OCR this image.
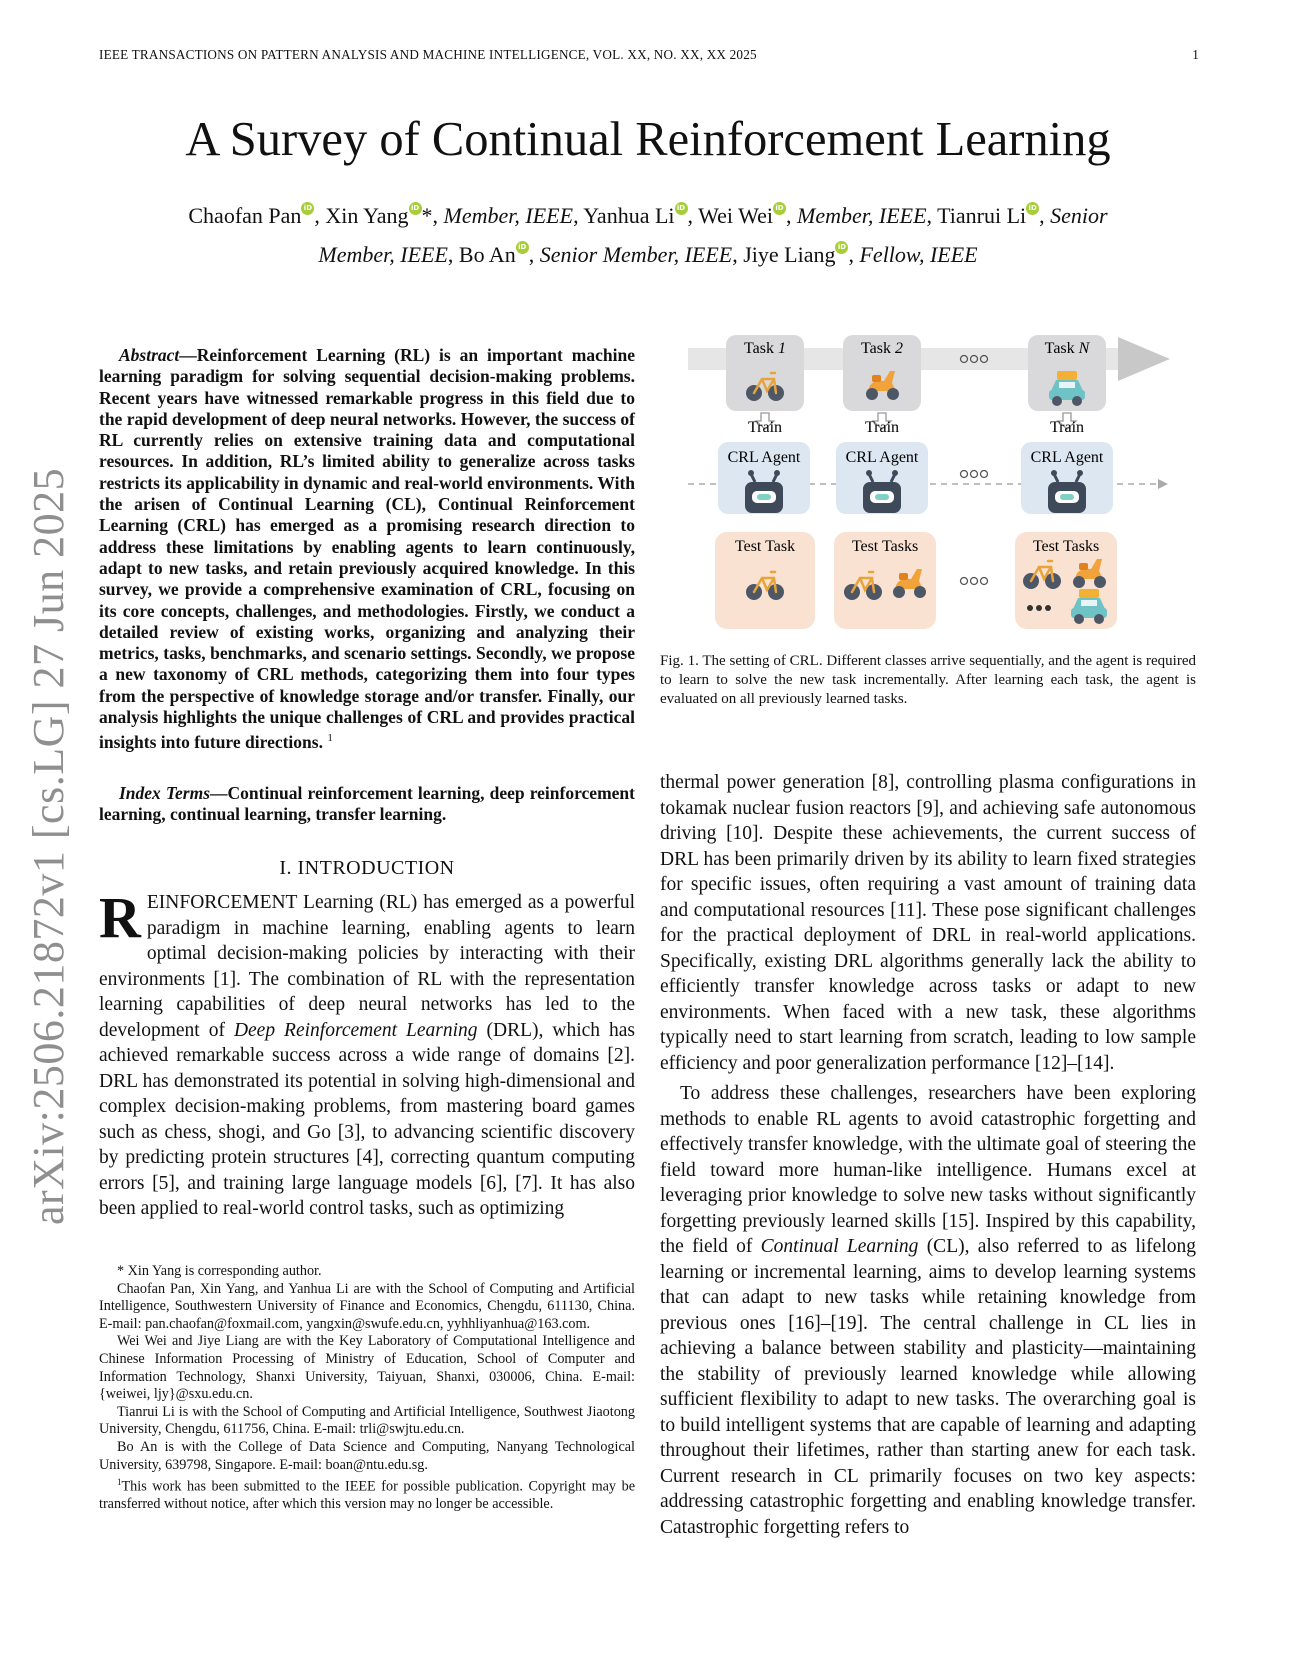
IEEE TRANSACTIONS ON PATTERN ANALYSIS AND MACHINE INTELLIGENCE, VOL. XX, NO. XX, XX 2025	1
A Survey of Continual Reinforcement Learning
Chaofan Pan iD , Xin Yang iD *, Member, IEEE, Yanhua Li iD , Wei Wei iD , Member, IEEE, Tianrui Li iD , Senior
Member, IEEE, Bo An iD , Senior Member, IEEE, Jiye Liang iD , Fellow, IEEE
arXiv:2506.21872v1 [cs.LG] 27 Jun 2025
Abstract—Reinforcement Learning (RL) is an important machine learning paradigm for solving sequential decision-making problems. Recent years have witnessed remarkable progress in this field due to the rapid development of deep neural networks. However, the success of RL currently relies on extensive training data and computational resources. In addition, RL’s limited ability to generalize across tasks restricts its applicability in dynamic and real-world environments. With the arisen of Continual Learning (CL), Continual Reinforcement Learning (CRL) has emerged as a promising research direction to address these limitations by enabling agents to learn continuously, adapt to new tasks, and retain previously acquired knowledge. In this survey, we provide a comprehensive examination of CRL, focusing on its core concepts, challenges, and methodologies. Firstly, we conduct a detailed review of existing works, organizing and analyzing their metrics, tasks, benchmarks, and scenario settings. Secondly, we propose a new taxonomy of CRL methods, categorizing them into four types from the perspective of knowledge storage and/or transfer. Finally, our analysis highlights the unique challenges of CRL and provides practical insights into future directions. $^1$
Index Terms—Continual reinforcement learning, deep reinforcement learning, continual learning, transfer learning.
I. INTRODUCTION

REINFORCEMENT Learning (RL) has emerged as a powerful paradigm in machine learning, enabling agents to learn optimal decision-making policies by interacting with their environments [1]. The combination of RL with the representation learning capabilities of deep neural networks has led to the development of Deep Reinforcement Learning (DRL), which has achieved remarkable success across a wide range of domains [2]. DRL has demonstrated its potential in solving high-dimensional and complex decision-making problems, from mastering board games such as chess, shogi, and Go [3], to advancing scientific discovery by predicting protein structures [4], correcting quantum computing errors [5], and training large language models [6], [7]. It has also been applied to real-world control tasks, such as optimizing

* Xin Yang is corresponding author.

Chaofan Pan, Xin Yang, and Yanhua Li are with the School of Computing and Artificial Intelligence, Southwestern University of Finance and Economics, Chengdu, 611130, China. E-mail: pan.chaofan@foxmail.com, yangxin@swufe.edu.cn, yyhhliyanhua@163.com.

Wei Wei and Jiye Liang are with the Key Laboratory of Computational Intelligence and Chinese Information Processing of Ministry of Education, School of Computer and Information Technology, Shanxi University, Taiyuan, Shanxi, 030006, China. E-mail: {weiwei, ljy}@sxu.edu.cn.

Tianrui Li is with the School of Computing and Artificial Intelligence, Southwest Jiaotong University, Chengdu, 611756, China. E-mail: trli@swjtu.edu.cn.

Bo An is with the College of Data Science and Computing, Nanyang Technological University, 639798, Singapore. E-mail: boan@ntu.edu.sg.

$^1$This work has been submitted to the IEEE for possible publication. Copyright may be transferred without notice, after which this version may no longer be accessible.

Task 1	Task 2	Task N
Train	Train	Train
CRL Agent	CRL Agent	CRL Agent
Test Task	Test Tasks	Test Tasks
Fig. 1. The setting of CRL. Different classes arrive sequentially, and the agent is required to learn to solve the new task incrementally. After learning each task, the agent is evaluated on all previously learned tasks.

thermal power generation [8], controlling plasma configurations in tokamak nuclear fusion reactors [9], and achieving safe autonomous driving [10]. Despite these achievements, the current success of DRL has been primarily driven by its ability to learn fixed strategies for specific issues, often requiring a vast amount of training data and computational resources [11]. These pose significant challenges for the practical deployment of DRL in real-world applications. Specifically, existing DRL algorithms generally lack the ability to efficiently transfer knowledge across tasks or adapt to new environments. When faced with a new task, these algorithms typically need to start learning from scratch, leading to low sample efficiency and poor generalization performance [12]–[14].

To address these challenges, researchers have been exploring methods to enable RL agents to avoid catastrophic forgetting and effectively transfer knowledge, with the ultimate goal of steering the field toward more human-like intelligence. Humans excel at leveraging prior knowledge to solve new tasks without significantly forgetting previously learned skills [15]. Inspired by this capability, the field of Continual Learning (CL), also referred to as lifelong learning or incremental learning, aims to develop learning systems that can adapt to new tasks while retaining knowledge from previous ones [16]–[19]. The central challenge in CL lies in achieving a balance between stability and plasticity—maintaining the stability of previously learned knowledge while allowing sufficient flexibility to adapt to new tasks. The overarching goal is to build intelligent systems that are capable of learning and adapting throughout their lifetimes, rather than starting anew for each task. Current research in CL primarily focuses on two key aspects: addressing catastrophic forgetting and enabling knowledge transfer. Catastrophic forgetting refers to
